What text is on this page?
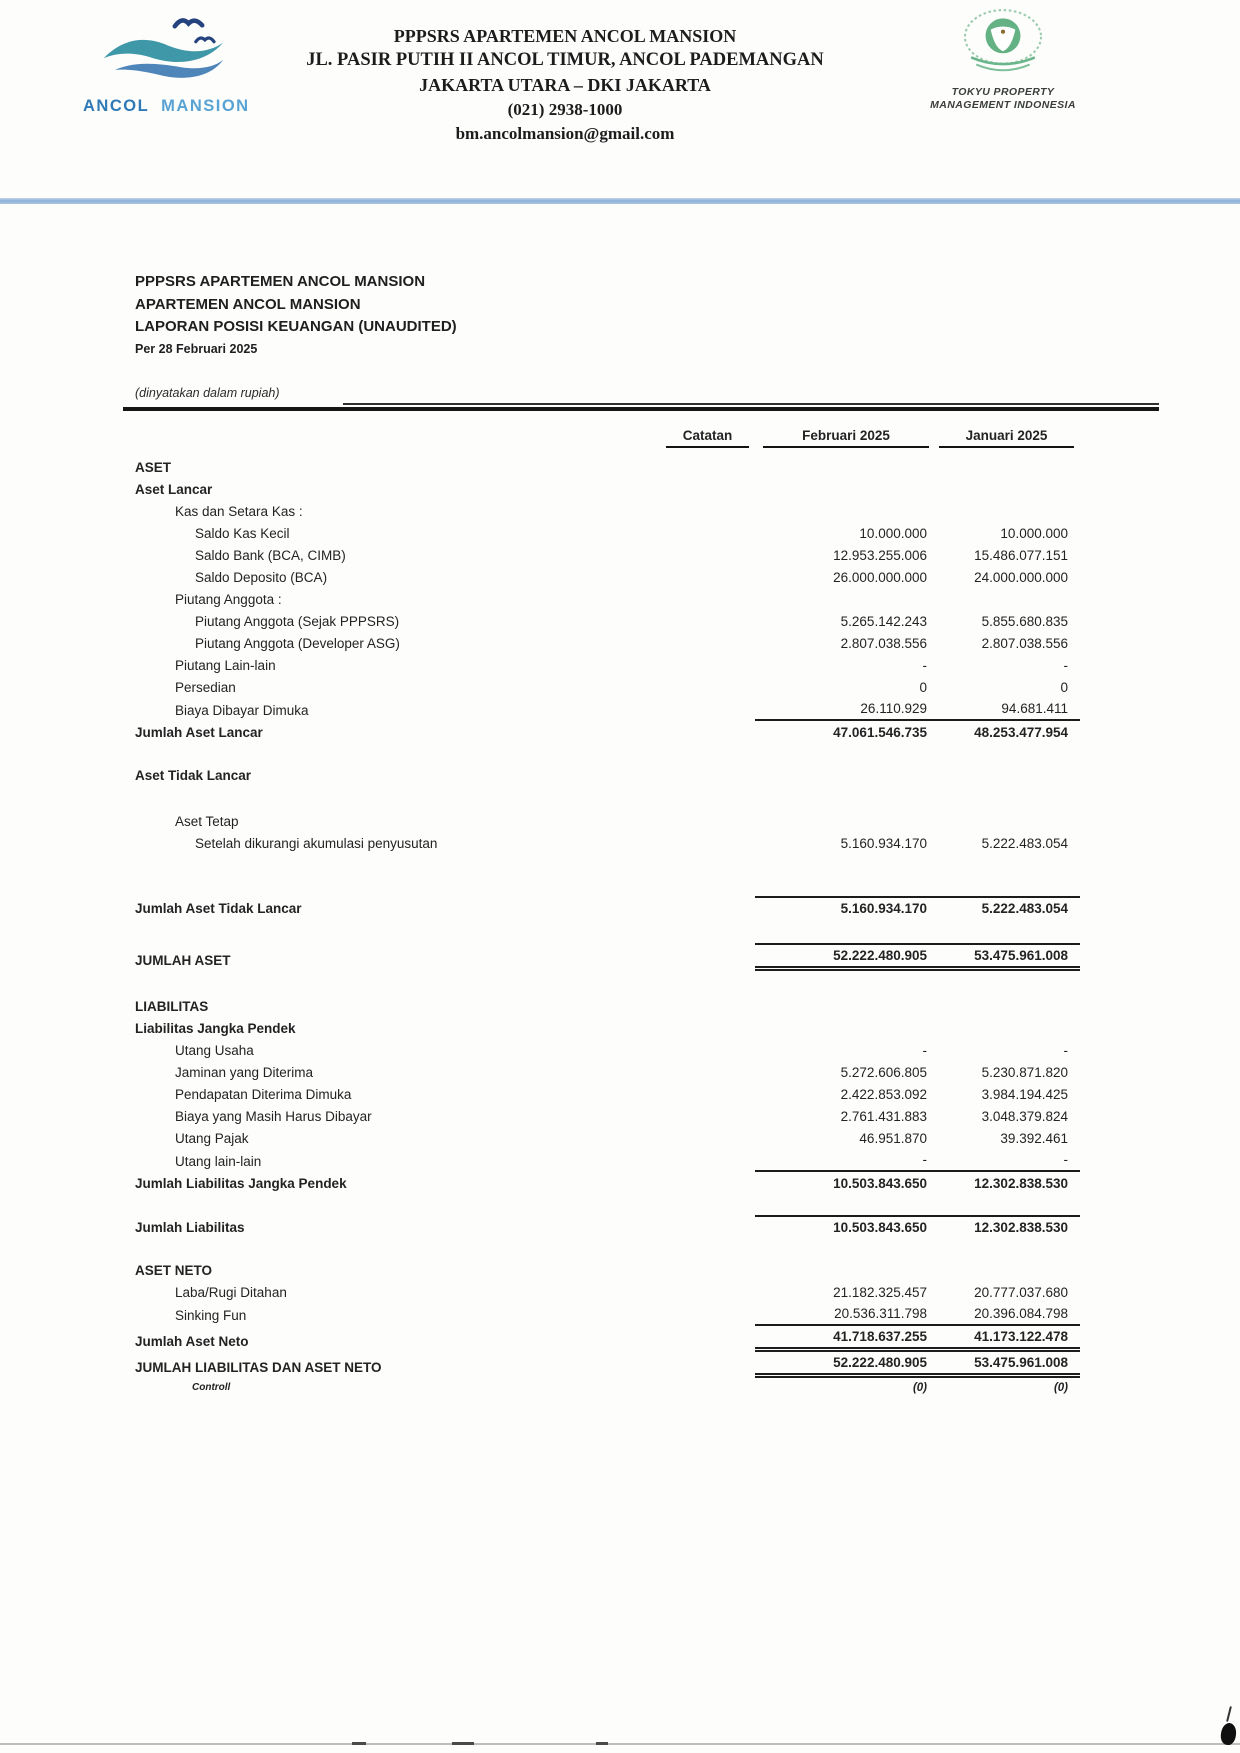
ANCOL MANSION
PPPSRS APARTEMEN ANCOL MANSION
JL. PASIR PUTIH II ANCOL TIMUR, ANCOL PADEMANGAN
JAKARTA UTARA – DKI JAKARTA
(021) 2938-1000
bm.ancolmansion@gmail.com
TOKYU PROPERTY
MANAGEMENT INDONESIA
PPPSRS APARTEMEN ANCOL MANSION
APARTEMEN ANCOL MANSION
LAPORAN POSISI KEUANGAN (UNAUDITED)
Per 28 Februari 2025
(dinyatakan dalam rupiah)
Catatan	Februari 2025	Januari 2025
ASET
Aset Lancar
Kas dan Setara Kas :
Saldo Kas Kecil	10.000.000	10.000.000
Saldo Bank (BCA, CIMB)	12.953.255.006	15.486.077.151
Saldo Deposito (BCA)	26.000.000.000	24.000.000.000
Piutang Anggota :
Piutang Anggota (Sejak PPPSRS)	5.265.142.243	5.855.680.835
Piutang Anggota (Developer ASG)	2.807.038.556	2.807.038.556
Piutang Lain-lain	-	-
Persedian	0	0
Biaya Dibayar Dimuka	26.110.929	94.681.411
Jumlah Aset Lancar	47.061.546.735	48.253.477.954
Aset Tidak Lancar
Aset Tetap
Setelah dikurangi akumulasi penyusutan	5.160.934.170	5.222.483.054
Jumlah Aset Tidak Lancar	5.160.934.170	5.222.483.054
JUMLAH ASET	52.222.480.905	53.475.961.008
LIABILITAS
Liabilitas Jangka Pendek
Utang Usaha	-	-
Jaminan yang Diterima	5.272.606.805	5.230.871.820
Pendapatan Diterima Dimuka	2.422.853.092	3.984.194.425
Biaya yang Masih Harus Dibayar	2.761.431.883	3.048.379.824
Utang Pajak	46.951.870	39.392.461
Utang lain-lain	-	-
Jumlah Liabilitas Jangka Pendek	10.503.843.650	12.302.838.530
Jumlah Liabilitas	10.503.843.650	12.302.838.530
ASET NETO
Laba/Rugi Ditahan	21.182.325.457	20.777.037.680
Sinking Fun	20.536.311.798	20.396.084.798
Jumlah Aset Neto	41.718.637.255	41.173.122.478
JUMLAH LIABILITAS DAN ASET NETO	52.222.480.905	53.475.961.008
Controll	(0)	(0)
